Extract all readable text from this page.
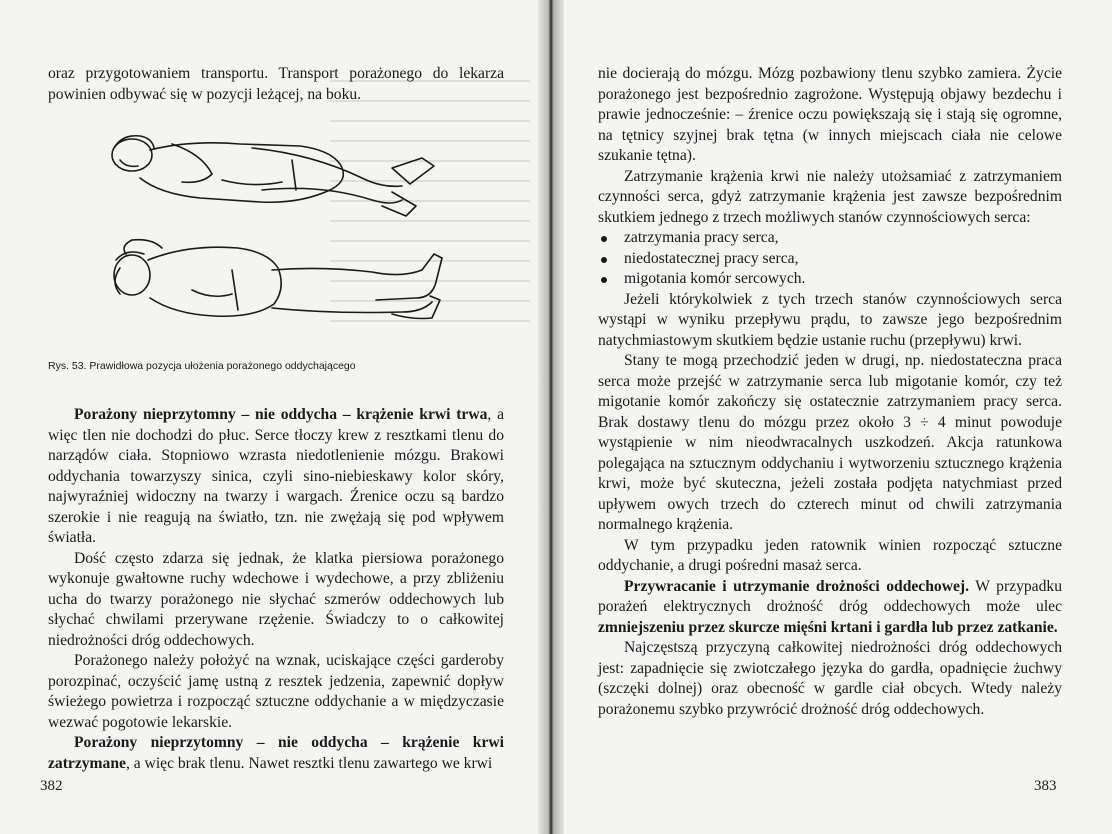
oraz przygotowaniem transportu. Transport porażonego do lekarza powinien odbywać się w pozycji leżącej, na boku.

Rys. 53. Prawidłowa pozycja ułożenia porażonego oddychającego

Porażony nieprzytomny – nie oddycha – krążenie krwi trwa, a więc tlen nie dochodzi do płuc. Serce tłoczy krew z resztkami tlenu do narządów ciała. Stopniowo wzrasta niedotlenienie mózgu. Brakowi oddychania towarzyszy sinica, czyli sino-niebieskawy kolor skóry, najwyraźniej widoczny na twarzy i wargach. Źrenice oczu są bardzo szerokie i nie reagują na światło, tzn. nie zwężają się pod wpływem światła.

Dość często zdarza się jednak, że klatka piersiowa porażonego wykonuje gwałtowne ruchy wdechowe i wydechowe, a przy zbliżeniu ucha do twarzy porażonego nie słychać szmerów oddechowych lub słychać chwilami przerywane rzężenie. Świadczy to o całkowitej niedrożności dróg oddechowych.

Porażonego należy położyć na wznak, uciskające części garderoby porozpinać, oczyścić jamę ustną z resztek jedzenia, zapewnić dopływ świeżego powietrza i rozpocząć sztuczne oddychanie a w międzyczasie wezwać pogotowie lekarskie.

Porażony nieprzytomny – nie oddycha – krążenie krwi zatrzymane, a więc brak tlenu. Nawet resztki tlenu zawartego we krwi

382

nie docierają do mózgu. Mózg pozbawiony tlenu szybko zamiera. Życie porażonego jest bezpośrednio zagrożone. Występują objawy bezdechu i prawie jednocześnie: – źrenice oczu powiększają się i stają się ogromne, na tętnicy szyjnej brak tętna (w innych miejscach ciała nie celowe szukanie tętna).

Zatrzymanie krążenia krwi nie należy utożsamiać z zatrzymaniem czynności serca, gdyż zatrzymanie krążenia jest zawsze bezpośrednim skutkiem jednego z trzech możliwych stanów czynnościowych serca:

zatrzymania pracy serca,
niedostatecznej pracy serca,
migotania komór sercowych.

Jeżeli którykolwiek z tych trzech stanów czynnościowych serca wystąpi w wyniku przepływu prądu, to zawsze jego bezpośrednim natychmiastowym skutkiem będzie ustanie ruchu (przepływu) krwi.

Stany te mogą przechodzić jeden w drugi, np. niedostateczna praca serca może przejść w zatrzymanie serca lub migotanie komór, czy też migotanie komór zakończy się ostatecznie zatrzymaniem pracy serca. Brak dostawy tlenu do mózgu przez około 3 ÷ 4 minut powoduje wystąpienie w nim nieodwracalnych uszkodzeń. Akcja ratunkowa polegająca na sztucznym oddychaniu i wytworzeniu sztucznego krążenia krwi, może być skuteczna, jeżeli została podjęta natychmiast przed upływem owych trzech do czterech minut od chwili zatrzymania normalnego krążenia.

W tym przypadku jeden ratownik winien rozpocząć sztuczne oddychanie, a drugi pośredni masaż serca.

Przywracanie i utrzymanie drożności oddechowej. W przypadku porażeń elektrycznych drożność dróg oddechowych może ulec zmniejszeniu przez skurcze mięśni krtani i gardła lub przez zatkanie.

Najczęstszą przyczyną całkowitej niedrożności dróg oddechowych jest: zapadnięcie się zwiotczałego języka do gardła, opadnięcie żuchwy (szczęki dolnej) oraz obecność w gardle ciał obcych. Wtedy należy porażonemu szybko przywrócić drożność dróg oddechowych.

383
